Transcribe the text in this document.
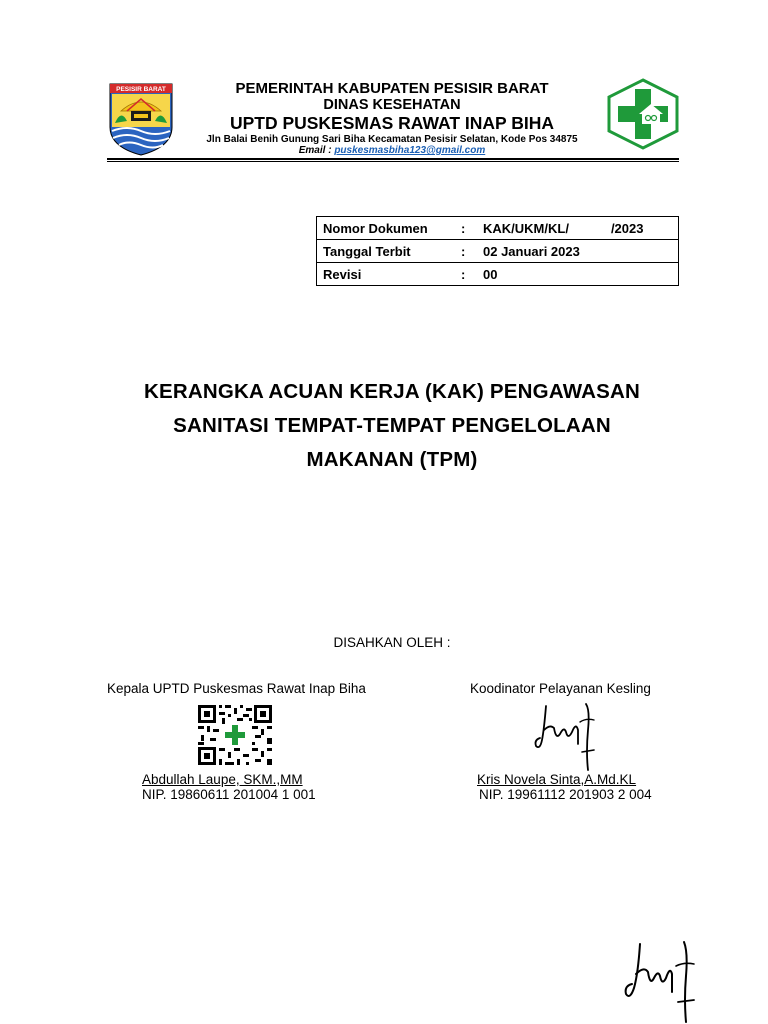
PESISIR BARAT	PEMERINTAH KABUPATEN PESISIR BARAT
DINAS KESEHATAN
UPTD PUSKESMAS RAWAT INAP BIHA
Jln Balai Benih Gunung Sari Biha Kecamatan Pesisir Selatan, Kode Pos 34875
Email : puskesmasbiha123@gmail.com
Nomor Dokumen	:	KAK/UKM/KL/ /2023
Tanggal Terbit	:	02 Januari 2023
Revisi	:	00
KERANGKA ACUAN KERJA (KAK) PENGAWASAN
SANITASI TEMPAT-TEMPAT PENGELOLAAN
MAKANAN (TPM)
DISAHKAN OLEH :
Kepala UPTD Puskesmas Rawat Inap Biha	Koodinator Pelayanan Kesling
Abdullah Laupe, SKM.,MM	Kris Novela Sinta,A.Md.KL
NIP. 19860611 201004 1 001	NIP. 19961112 201903 2 004
